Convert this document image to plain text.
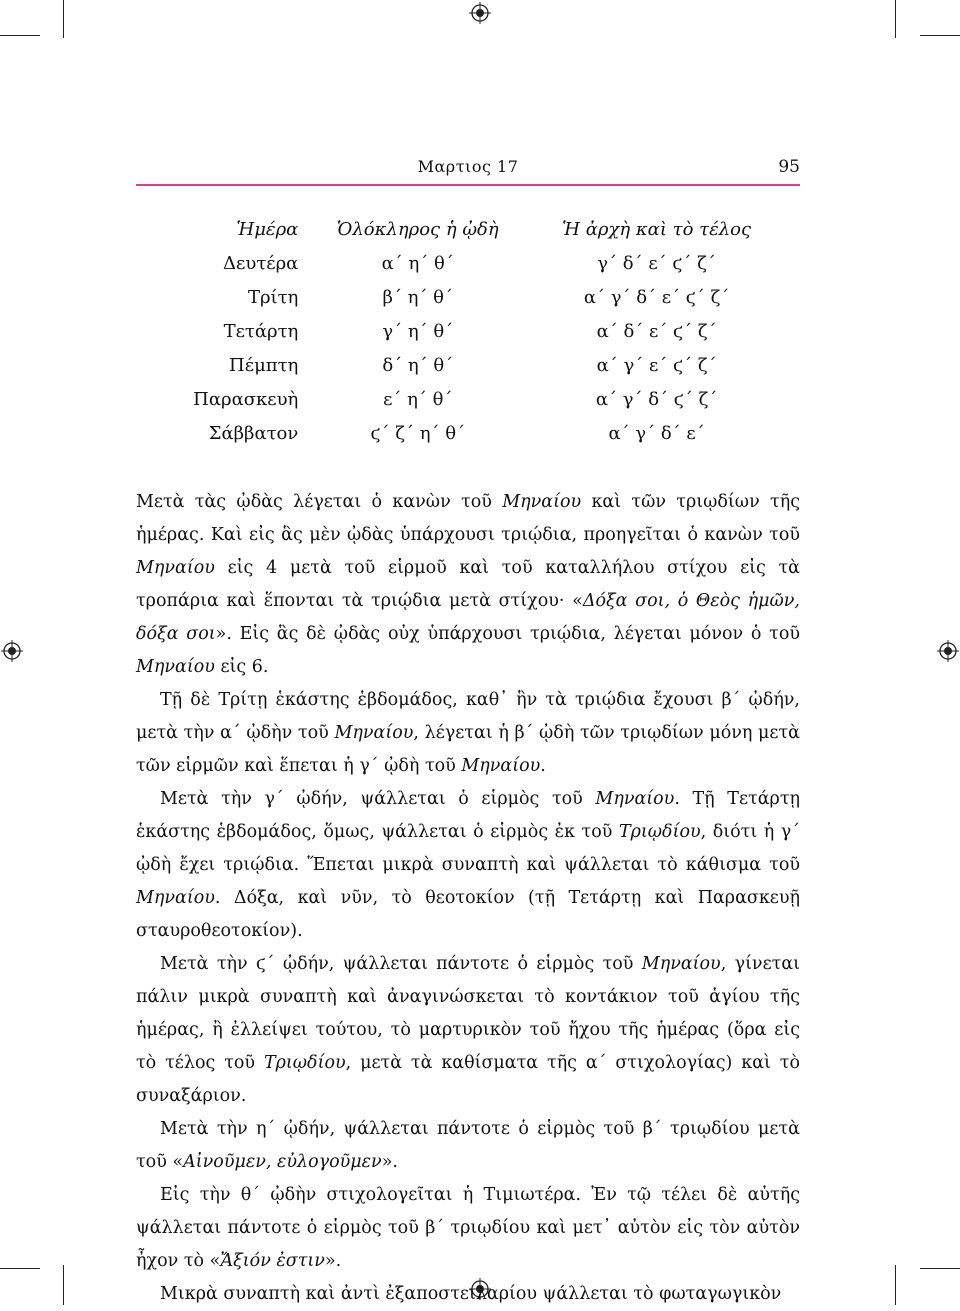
Μαρτιος 17	95
Ἡμέρα	Ὁλόκληρος ἡ ᾠδὴ	Ἡ ἀρχὴ καὶ τὸ τέλος
Δευτέρα	α´ η´ θ´	γ´ δ´ ε´ ϛ´ ζ´
Τρίτη	β´ η´ θ´	α´ γ´ δ´ ε´ ϛ´ ζ´
Τετάρτη	γ´ η´ θ´	α´ δ´ ε´ ϛ´ ζ´
Πέμπτη	δ´ η´ θ´	α´ γ´ ε´ ϛ´ ζ´
Παρασκευὴ	ε´ η´ θ´	α´ γ´ δ´ ϛ´ ζ´
Σάββατον	ϛ´ ζ´ η´ θ´	α´ γ´ δ´ ε´

Μετὰ τὰς ᾠδὰς λέγεται ὁ κανὼν τοῦ Μηναίου καὶ τῶν τριῳδίων τῆς ἡμέρας. Καὶ εἰς ἃς μὲν ᾠδὰς ὑπάρχουσι τριῴδια, προηγεῖται ὁ κανὼν τοῦ Μηναίου εἰς 4 μετὰ τοῦ εἱρμοῦ καὶ τοῦ καταλλήλου στίχου εἰς τὰ τροπάρια καὶ ἕπονται τὰ τριῴδια μετὰ στίχου· «Δόξα σοι, ὁ Θεὸς ἡμῶν, δόξα σοι». Εἰς ἃς δὲ ᾠδὰς οὐχ ὑπάρχουσι τριῴδια, λέγεται μόνον ὁ τοῦ Μηναίου εἰς 6.

Τῇ δὲ Τρίτῃ ἑκάστης ἑβδομάδος, καθ᾽ ἣν τὰ τριῴδια ἔχουσι β´ ᾠδήν, μετὰ τὴν α´ ᾠδὴν τοῦ Μηναίου, λέγεται ἡ β´ ᾠδὴ τῶν τριῳδίων μόνη μετὰ τῶν εἱρμῶν καὶ ἕπεται ἡ γ´ ᾠδὴ τοῦ Μηναίου.

Μετὰ τὴν γ´ ᾠδήν, ψάλλεται ὁ εἱρμὸς τοῦ Μηναίου. Τῇ Τετάρτῃ ἑκάστης ἑβδομάδος, ὅμως, ψάλλεται ὁ εἱρμὸς ἐκ τοῦ Τριῳδίου, διότι ἡ γ´ ᾠδὴ ἔχει τριῴδια. Ἕπεται μικρὰ συναπτὴ καὶ ψάλλεται τὸ κάθισμα τοῦ Μηναίου. Δόξα, καὶ νῦν, τὸ θεοτοκίον (τῇ Τετάρτῃ καὶ Παρασκευῇ σταυροθεοτοκίον).

Μετὰ τὴν ϛ´ ᾠδήν, ψάλλεται πάντοτε ὁ εἱρμὸς τοῦ Μηναίου, γίνεται πάλιν μικρὰ συναπτὴ καὶ ἀναγινώσκεται τὸ κοντάκιον τοῦ ἁγίου τῆς ἡμέρας, ἢ ἐλλείψει τούτου, τὸ μαρτυρικὸν τοῦ ἤχου τῆς ἡμέρας (ὅρα εἰς τὸ τέλος τοῦ Τριῳδίου, μετὰ τὰ καθίσματα τῆς α´ στιχολογίας) καὶ τὸ συναξάριον.

Μετὰ τὴν η´ ᾠδήν, ψάλλεται πάντοτε ὁ εἱρμὸς τοῦ β´ τριῳδίου μετὰ τοῦ «Αἰνοῦμεν, εὐλογοῦμεν».

Εἰς τὴν θ´ ᾠδὴν στιχολογεῖται ἡ Τιμιωτέρα. Ἐν τῷ τέλει δὲ αὐτῆς ψάλλεται πάντοτε ὁ εἱρμὸς τοῦ β´ τριῳδίου καὶ μετ᾽ αὐτὸν εἰς τὸν αὐτὸν ἦχον τὸ «Ἄξιόν ἐστιν».

Μικρὰ συναπτὴ καὶ ἀντὶ ἐξαποστειλαρίου ψάλλεται τὸ φωταγωγικὸν
